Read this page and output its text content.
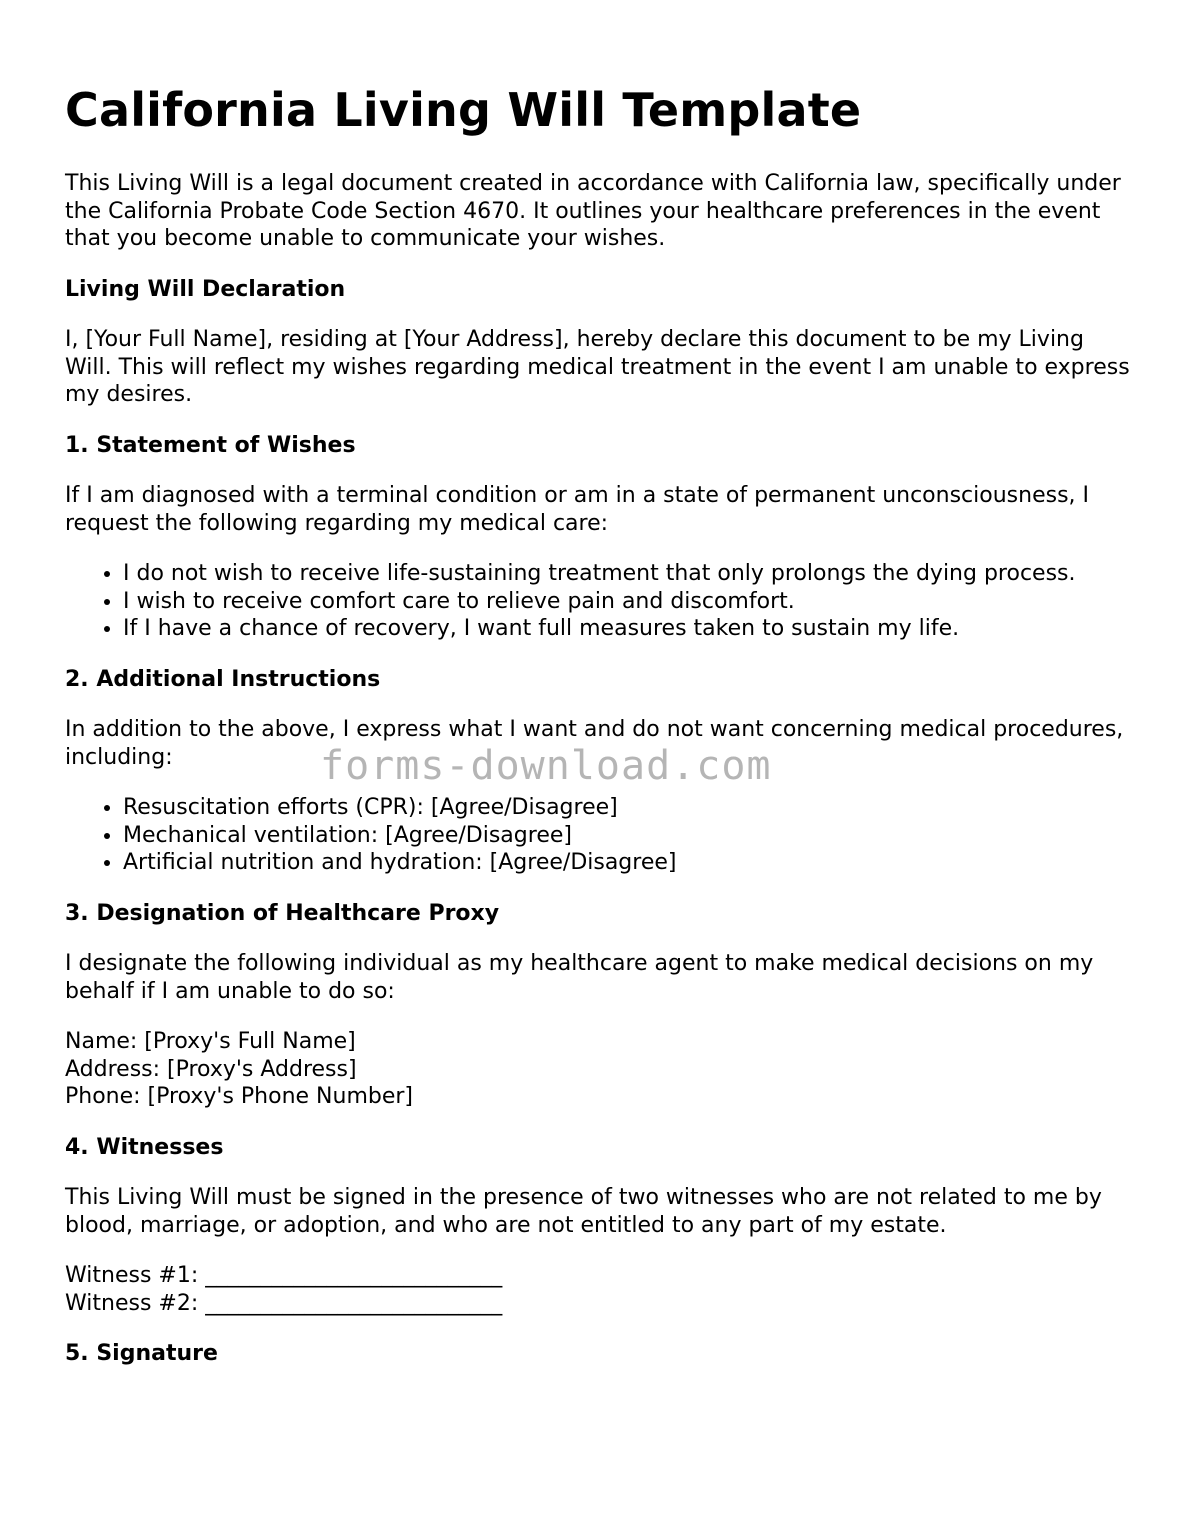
California Living Will Template

This Living Will is a legal document created in accordance with California law, specifically under the California Probate Code Section 4670. It outlines your healthcare preferences in the event that you become unable to communicate your wishes.

Living Will Declaration

I, [Your Full Name], residing at [Your Address], hereby declare this document to be my Living Will. This will reflect my wishes regarding medical treatment in the event I am unable to express my desires.

1. Statement of Wishes

If I am diagnosed with a terminal condition or am in a state of permanent unconsciousness, I request the following regarding my medical care:

• I do not wish to receive life-sustaining treatment that only prolongs the dying process.
• I wish to receive comfort care to relieve pain and discomfort.
• If I have a chance of recovery, I want full measures taken to sustain my life.
2. Additional Instructions

In addition to the above, I express what I want and do not want concerning medical procedures, including:

• Resuscitation efforts (CPR): [Agree/Disagree]
• Mechanical ventilation: [Agree/Disagree]
• Artificial nutrition and hydration: [Agree/Disagree]
3. Designation of Healthcare Proxy

I designate the following individual as my healthcare agent to make medical decisions on my behalf if I am unable to do so:

Name: [Proxy's Full Name]
Address: [Proxy's Address]
Phone: [Proxy's Phone Number]

4. Witnesses

This Living Will must be signed in the presence of two witnesses who are not related to me by blood, marriage, or adoption, and who are not entitled to any part of my estate.

Witness #1: ___________________________
Witness #2: ___________________________

5. Signature
forms-download.com
